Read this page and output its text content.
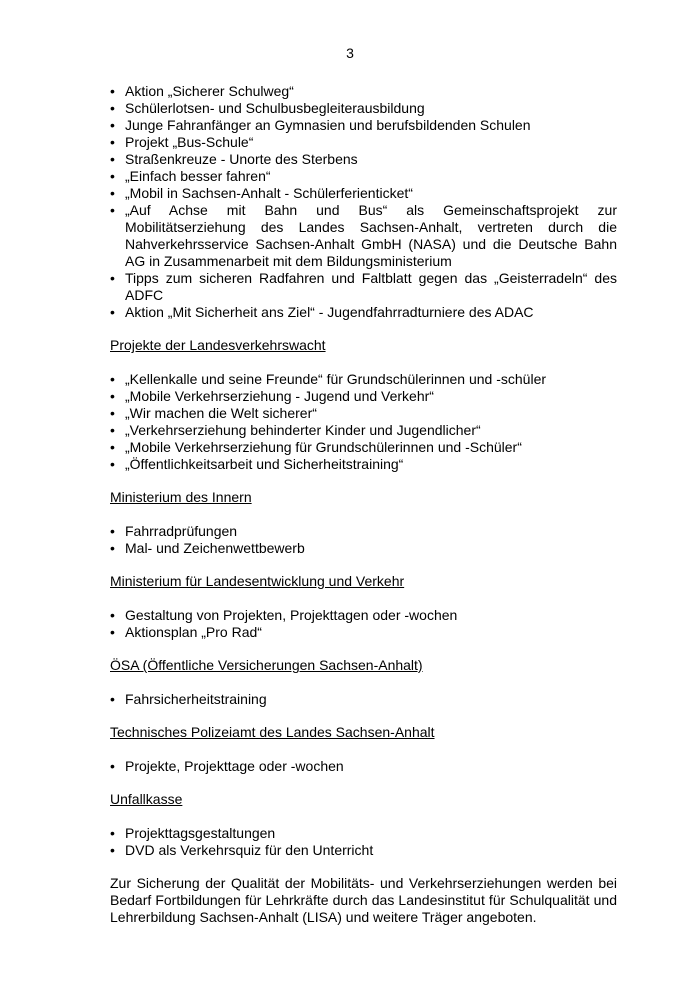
3
• Aktion „Sicherer Schulweg“
• Schülerlotsen- und Schulbusbegleiterausbildung
• Junge Fahranfänger an Gymnasien und berufsbildenden Schulen
• Projekt „Bus-Schule“
• Straßenkreuze - Unorte des Sterbens
• „Einfach besser fahren“
• „Mobil in Sachsen-Anhalt - Schülerferienticket“
• „Auf Achse mit Bahn und Bus“ als Gemeinschaftsprojekt zur Mobilitätserziehung des Landes Sachsen-Anhalt, vertreten durch die Nahverkehrsservice Sachsen-Anhalt GmbH (NASA) und die Deutsche Bahn AG in Zusammenarbeit mit dem Bildungsministerium
• Tipps zum sicheren Radfahren und Faltblatt gegen das „Geisterradeln“ des ADFC
• Aktion „Mit Sicherheit ans Ziel“ - Jugendfahrradturniere des ADAC

Projekte der Landesverkehrswacht

• „Kellenkalle und seine Freunde“ für Grundschülerinnen und -schüler
• „Mobile Verkehrserziehung - Jugend und Verkehr“
• „Wir machen die Welt sicherer“
• „Verkehrserziehung behinderter Kinder und Jugendlicher“
• „Mobile Verkehrserziehung für Grundschülerinnen und -Schüler“
• „Öffentlichkeitsarbeit und Sicherheitstraining“

Ministerium des Innern

• Fahrradprüfungen
• Mal- und Zeichenwettbewerb

Ministerium für Landesentwicklung und Verkehr

• Gestaltung von Projekten, Projekttagen oder -wochen
• Aktionsplan „Pro Rad“

ÖSA (Öffentliche Versicherungen Sachsen-Anhalt)

• Fahrsicherheitstraining

Technisches Polizeiamt des Landes Sachsen-Anhalt

• Projekte, Projekttage oder -wochen

Unfallkasse

• Projekttagsgestaltungen
• DVD als Verkehrsquiz für den Unterricht

Zur Sicherung der Qualität der Mobilitäts- und Verkehrserziehungen werden bei Bedarf Fortbildungen für Lehrkräfte durch das Landesinstitut für Schulqualität und Lehrerbildung Sachsen-Anhalt (LISA) und weitere Träger angeboten.
